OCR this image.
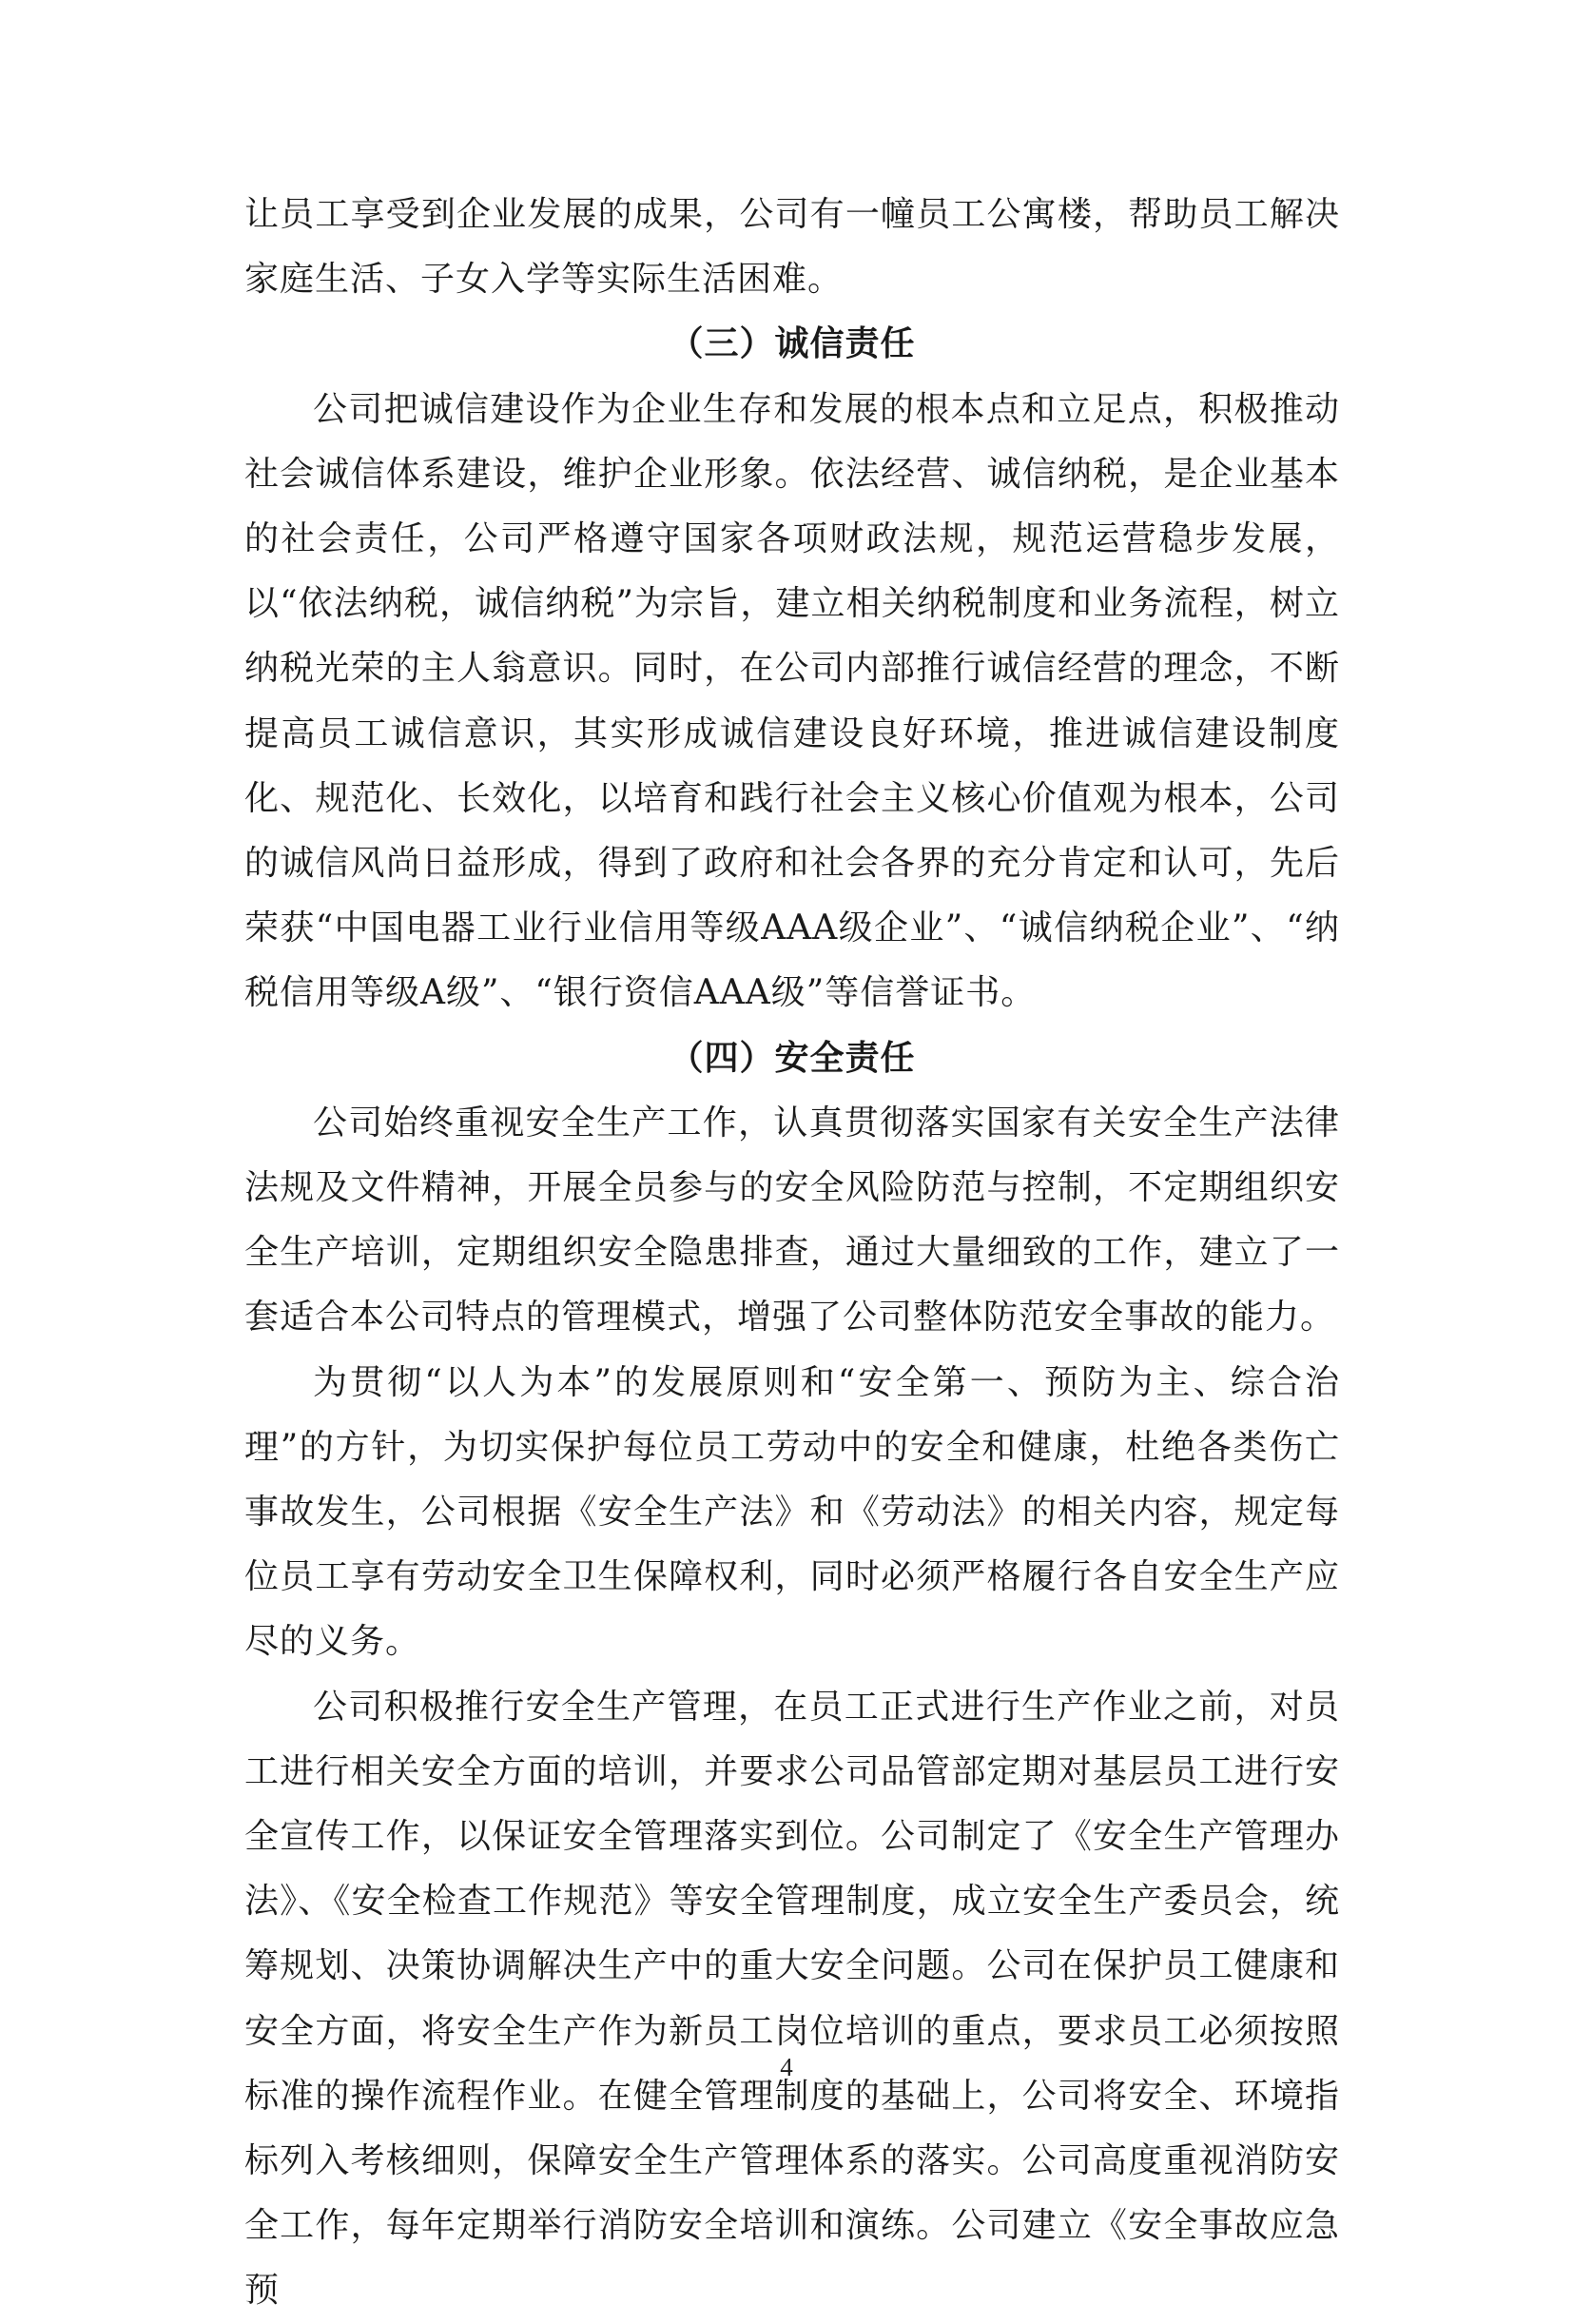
让员工享受到企业发展的成果，公司有一幢员工公寓楼，帮助员工解决家庭生活、子女入学等实际生活困难。

（三）诚信责任

公司把诚信建设作为企业生存和发展的根本点和立足点，积极推动社会诚信体系建设，维护企业形象。依法经营、诚信纳税，是企业基本的社会责任，公司严格遵守国家各项财政法规，规范运营稳步发展，以“依法纳税，诚信纳税”为宗旨，建立相关纳税制度和业务流程，树立纳税光荣的主人翁意识。同时，在公司内部推行诚信经营的理念，不断提高员工诚信意识，其实形成诚信建设良好环境，推进诚信建设制度化、规范化、长效化，以培育和践行社会主义核心价值观为根本，公司的诚信风尚日益形成，得到了政府和社会各界的充分肯定和认可，先后荣获“中国电器工业行业信用等级AAA级企业”、“诚信纳税企业”、“纳税信用等级A级”、“银行资信AAA级”等信誉证书。

（四）安全责任

公司始终重视安全生产工作，认真贯彻落实国家有关安全生产法律法规及文件精神，开展全员参与的安全风险防范与控制，不定期组织安全生产培训，定期组织安全隐患排查，通过大量细致的工作，建立了一套适合本公司特点的管理模式，增强了公司整体防范安全事故的能力。

为贯彻“以人为本”的发展原则和“安全第一、预防为主、综合治理”的方针，为切实保护每位员工劳动中的安全和健康，杜绝各类伤亡事故发生，公司根据《安全生产法》和《劳动法》的相关内容，规定每位员工享有劳动安全卫生保障权利，同时必须严格履行各自安全生产应尽的义务。

公司积极推行安全生产管理，在员工正式进行生产作业之前，对员工进行相关安全方面的培训，并要求公司品管部定期对基层员工进行安全宣传工作，以保证安全管理落实到位。公司制定了《安全生产管理办法》、《安全检查工作规范》等安全管理制度，成立安全生产委员会，统筹规划、决策协调解决生产中的重大安全问题。公司在保护员工健康和安全方面，将安全生产作为新员工岗位培训的重点，要求员工必须按照标准的操作流程作业。在健全管理制度的基础上，公司将安全、环境指标列入考核细则，保障安全生产管理体系的落实。公司高度重视消防安全工作，每年定期举行消防安全培训和演练。公司建立《安全事故应急预

4
